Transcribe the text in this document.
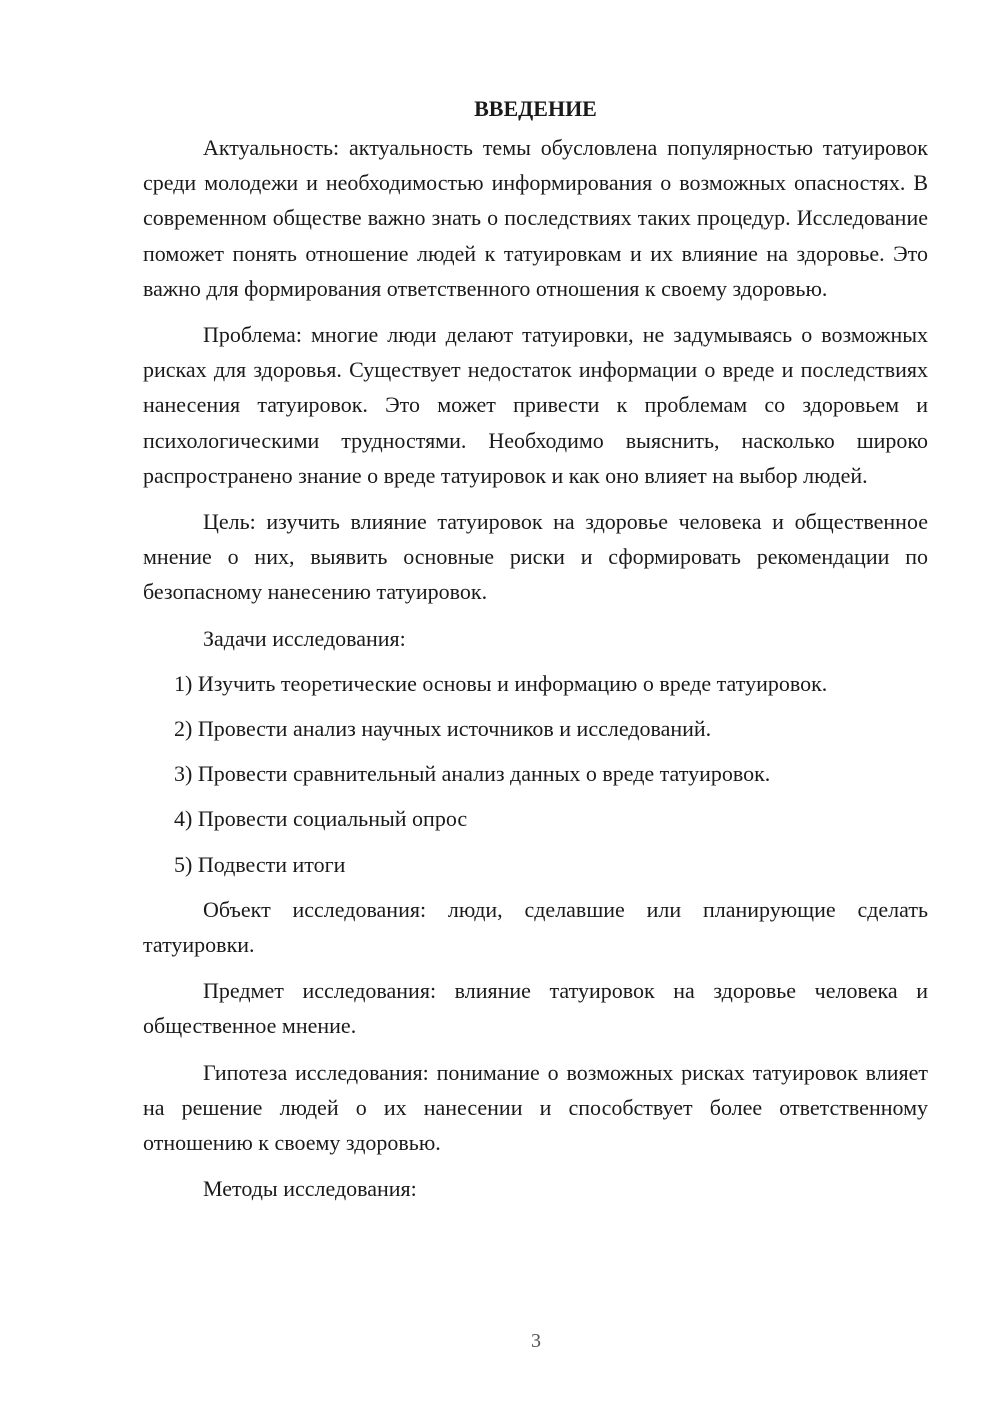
ВВЕДЕНИЕ

Актуальность: актуальность темы обусловлена популярностью татуировок среди молодежи и необходимостью информирования о возможных опасностях. В современном обществе важно знать о последствиях таких процедур. Исследование поможет понять отношение людей к татуировкам и их влияние на здоровье. Это важно для формирования ответственного отношения к своему здоровью.

Проблема: многие люди делают татуировки, не задумываясь о возможных рисках для здоровья. Существует недостаток информации о вреде и последствиях нанесения татуировок. Это может привести к проблемам со здоровьем и психологическими трудностями. Необходимо выяснить, насколько широко распространено знание о вреде татуировок и как оно влияет на выбор людей.

Цель: изучить влияние татуировок на здоровье человека и общественное мнение о них, выявить основные риски и сформировать рекомендации по безопасному нанесению татуировок.

Задачи исследования:

1) Изучить теоретические основы и информацию о вреде татуировок.
2) Провести анализ научных источников и исследований.
3) Провести сравнительный анализ данных о вреде татуировок.
4) Провести социальный опрос
5) Подвести итоги

Объект исследования: люди, сделавшие или планирующие сделать татуировки.

Предмет исследования: влияние татуировок на здоровье человека и общественное мнение.

Гипотеза исследования: понимание о возможных рисках татуировок влияет на решение людей о их нанесении и способствует более ответственному отношению к своему здоровью.

Методы исследования:

3
